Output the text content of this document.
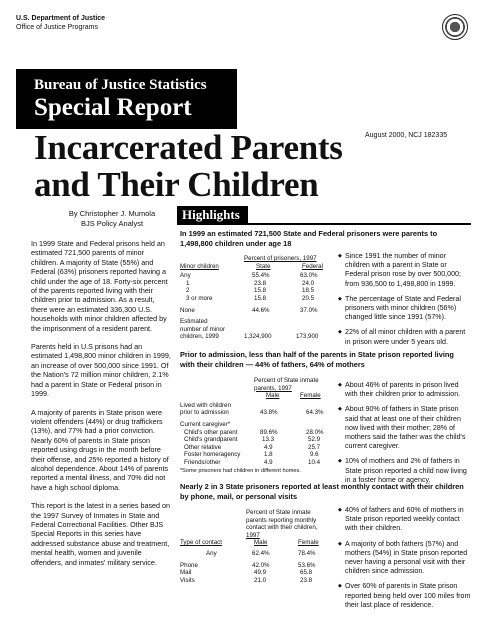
U.S. Department of Justice
Office of Justice Programs
Bureau of Justice Statistics
Special Report
August 2000, NCJ 182335
Incarcerated Parents
and Their Children
By Christopher J. Mumola
BJS Policy Analyst

In 1999 State and Federal prisons held an estimated 721,500 parents of minor children. A majority of State (55%) and Federal (63%) prisoners reported having a child under the age of 18. Forty-six percent of the parents reported living with their children prior to admission. As a result, there were an estimated 336,300 U.S. households with minor children affected by the imprisonment of a resident parent.

Parents held in U.S prisons had an estimated 1,498,800 minor children in 1999, an increase of over 500,000 since 1991. Of the Nation's 72 million minor children, 2.1% had a parent in State or Federal prison in 1999.

A majority of parents in State prison were violent offenders (44%) or drug traffickers (13%), and 77% had a prior conviction. Nearly 60% of parents in State prison reported using drugs in the month before their offense, and 25% reported a history of alcohol dependence. About 14% of parents reported a mental illness, and 70% did not have a high school diploma.

This report is the latest in a series based on the 1997 Survey of Inmates in State and Federal Correctional Facilities. Other BJS Special Reports in this series have addressed substance abuse and treatment, mental health, women and juvenile offenders, and inmates' military service.

Highlights
In 1999 an estimated 721,500 State and Federal prisoners were parents to 1,498,800 children under age 18
Percent of prisoners, 1997
Minor children	State	Federal
Any	55.4%	63.0%
1	23.8	24.0
2	15.8	18.5
3 or more	15.8	20.5
None	44.6%	37.0%
Estimated
number of minor
children, 1999	1,324,900	173,900
◆ Since 1991 the number of minor children with a parent in State or Federal prison rose by over 500,000; from 936,500 to 1,498,800 in 1999.
◆ The percentage of State and Federal prisoners with minor children (56%) changed little since 1991 (57%).
◆ 22% of all minor children with a parent in prison were under 5 years old.
Prior to admission, less than half of the parents in State prison reported living with their children — 44% of fathers, 64% of mothers
Percent of State inmate
parents, 1997
Male	Female
Lived with children
prior to admission	43.8%	64.3%
Current caregiver*
Child's other parent	89.6%	28.0%
Child's grandparent	13.3	52.9
Other relative	4.9	25.7
Foster home/agency	1.8	9.6
Friends/other	4.9	10.4
*Some prisoners had children in different homes.
◆ About 46% of parents in prison lived with their children prior to admission.
◆ About 90% of fathers in State prison said that at least one of their children now lived with their mother; 28% of mothers said the father was the child's current caregiver.
◆ 10% of mothers and 2% of fathers in State prison reported a child now living in a foster home or agency.
Nearly 2 in 3 State prisoners reported at least monthly contact with their children by phone, mail, or personal visits
Percent of State inmate
parents reporting monthly
contact with their children,
1997
Type of contact	Male	Female
Any	62.4%	78.4%
Phone	42.0%	53.6%
Mail	49.9	65.8
Visits	21.0	23.8
◆ 40% of fathers and 60% of mothers in State prison reported weekly contact with their children.
◆ A majority of both fathers (57%) and mothers (54%) in State prison reported never having a personal visit with their children since admission.
◆ Over 60% of parents in State prison reported being held over 100 miles from their last place of residence.
